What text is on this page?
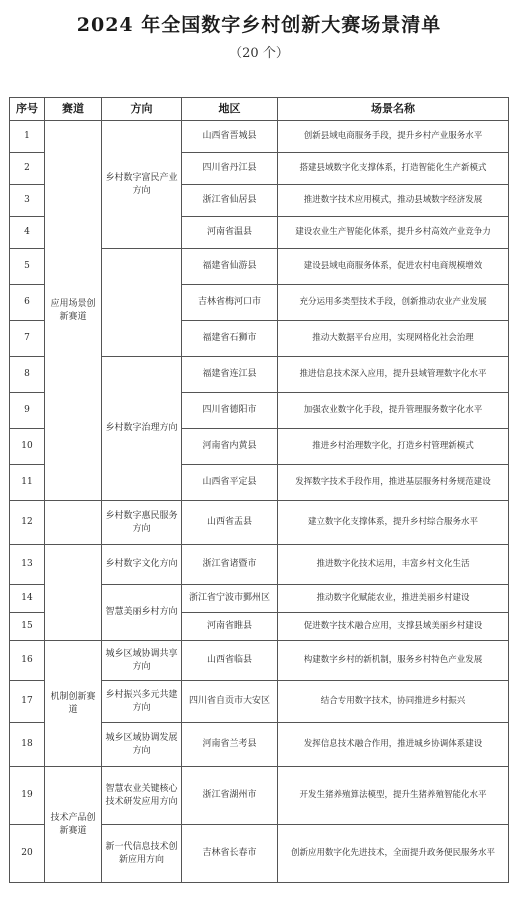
2024 年全国数字乡村创新大赛场景清单
（20 个）
序号	赛道	方向	地区	场景名称
1	应用场景创新赛道	乡村数字富民产业方向	山西省晋城县	创新县域电商服务手段，提升乡村产业服务水平
2			四川省丹江县	搭建县域数字化支撑体系，打造智能化生产新模式
3			浙江省仙居县	推进数字技术应用模式，推动县域数字经济发展
4			河南省温县	建设农业生产智能化体系，提升乡村高效产业竞争力
5			福建省仙游县	建设县域电商服务体系，促进农村电商规模增效
6			吉林省梅河口市	充分运用多类型技术手段，创新推动农业产业发展
7			福建省石狮市	推动大数据平台应用，实现网格化社会治理
8		乡村数字治理方向	福建省连江县	推进信息技术深入应用，提升县域管理数字化水平
9			四川省德阳市	加强农业数字化手段，提升管理服务数字化水平
10			河南省内黄县	推进乡村治理数字化，打造乡村管理新模式
11			山西省平定县	发挥数字技术手段作用，推进基层服务村务规范建设
12		乡村数字惠民服务方向	山西省盂县	建立数字化支撑体系，提升乡村综合服务水平
13		乡村数字文化方向	浙江省诸暨市	推进数字化技术运用，丰富乡村文化生活
14		智慧美丽乡村方向	浙江省宁波市鄞州区	推动数字化赋能农业，推进美丽乡村建设
15			河南省睢县	促进数字技术融合应用，支撑县域美丽乡村建设
16	机制创新赛道	城乡区域协调共享方向	山西省临县	构建数字乡村的新机制，服务乡村特色产业发展
17		乡村振兴多元共建方向	四川省自贡市大安区	结合专用数字技术，协同推进乡村振兴
18		城乡区域协调发展方向	河南省兰考县	发挥信息技术融合作用，推进城乡协调体系建设
19	技术产品创新赛道	智慧农业关键核心技术研发应用方向	浙江省湖州市	开发生猪养殖算法模型，提升生猪养殖智能化水平
20		新一代信息技术创新应用方向	吉林省长春市	创新应用数字化先进技术，全面提升政务便民服务水平
